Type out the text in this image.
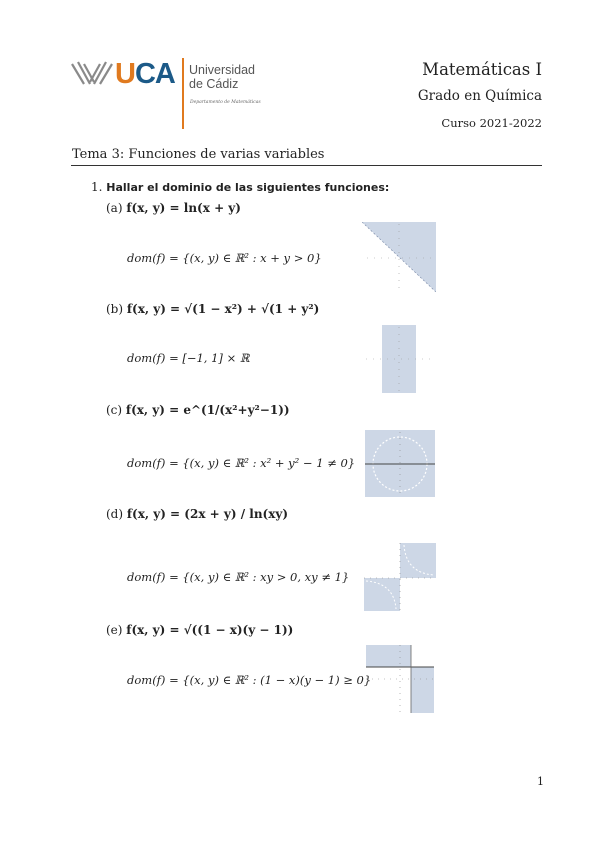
UCA Universidad
de Cádiz
Departamento de Matemáticas
Matemáticas I
Grado en Química
Curso 2021-2022
Tema 3: Funciones de varias variables
1. Hallar el dominio de las siguientes funciones:
(a) f(x, y) = ln(x + y)
dom(f) = {(x, y) ∈ ℝ² : x + y > 0}
(b) f(x, y) = √(1 − x²) + √(1 + y²)
dom(f) = [−1, 1] × ℝ
(c) f(x, y) = e^(1/(x²+y²−1))
dom(f) = {(x, y) ∈ ℝ² : x² + y² − 1 ≠ 0}
(d) f(x, y) = (2x + y) / ln(xy)
dom(f) = {(x, y) ∈ ℝ² : xy > 0, xy ≠ 1}
(e) f(x, y) = √((1 − x)(y − 1))
dom(f) = {(x, y) ∈ ℝ² : (1 − x)(y − 1) ≥ 0}
1
